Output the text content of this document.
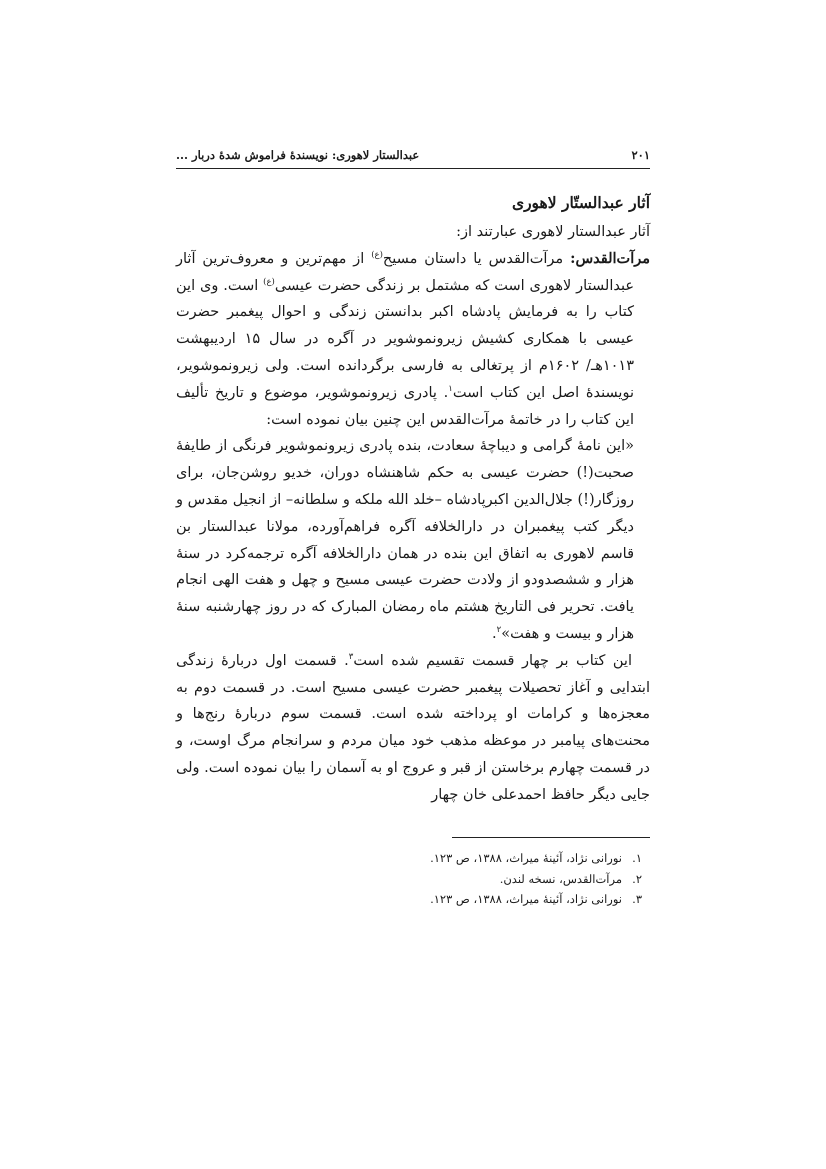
۲۰۱
عبدالستار لاهوری: نویسندهٔ فراموش شدهٔ دربار ...
آثار عبدالستّار لاهوری

آثار عبدالستار لاهوری عبارتند از:

مرآت‌القدس: مرآت‌القدس یا داستان مسیح$^{(ع)}$ از مهم‌ترین و معروف‌ترین آثار عبدالستار لاهوری است که مشتمل بر زندگی حضرت عیسی$^{(ع)}$ است. وی این کتاب را به فرمایش پادشاه اکبر بدانستن زندگی و احوال پیغمبر حضرت عیسی با همکاری کشیش زیرونموشویر در آگره در سال ۱۵ اردیبهشت ۱۰۱۳هـ/ ۱۶۰۲م از پرتغالی به فارسی برگردانده است. ولی زیرونموشویر، نویسندهٔ اصل این کتاب است$^۱$. پادری زیرونموشویر، موضوع و تاریخ تألیف این کتاب را در خاتمهٔ مرآت‌القدس این چنین بیان نموده است:

«این نامهٔ گرامی و دیباچهٔ سعادت، بنده پادری زیرونموشویر فرنگی از طایفهٔ صحبت(!) حضرت عیسی به حکم شاهنشاه دوران، خدیو روشن‌جان، برای روزگار(!) جلال‌الدین اکبرپادشاه –خلد الله ملکه و سلطانه– از انجیل مقدس و دیگر کتب پیغمبران در دارالخلافه آگره فراهم‌آورده، مولانا عبدالستار بن قاسم لاهوری به اتفاق این بنده در همان دارالخلافه آگره ترجمه‌کرد در سنهٔ هزار و ششصدودو از ولادت حضرت عیسی مسیح و چهل و هفت الهی انجام یافت. تحریر فی التاریخ هشتم ماه رمضان المبارک که در روز چهارشنبه سنهٔ هزار و بیست و هفت»$^۲$.

این کتاب بر چهار قسمت تقسیم شده است$^۳$. قسمت اول دربارهٔ زندگی ابتدایی و آغاز تحصیلات پیغمبر حضرت عیسی مسیح است. در قسمت دوم به معجزه‌ها و کرامات او پرداخته شده است. قسمت سوم دربارهٔ رنج‌ها و محنت‌های پیامبر در موعظه مذهب خود میان مردم و سرانجام مرگ اوست، و در قسمت چهارم برخاستن از قبر و عروج او به آسمان را بیان نموده است. ولی جایی دیگر حافظ احمدعلی خان چهار

۱.نورانی نژاد، آئینهٔ میراث، ۱۳۸۸، ص ۱۲۳.
۲.مرآت‌القدس، نسخه لندن.
۳.نورانی نژاد، آئینهٔ میراث، ۱۳۸۸، ص ۱۲۳.
